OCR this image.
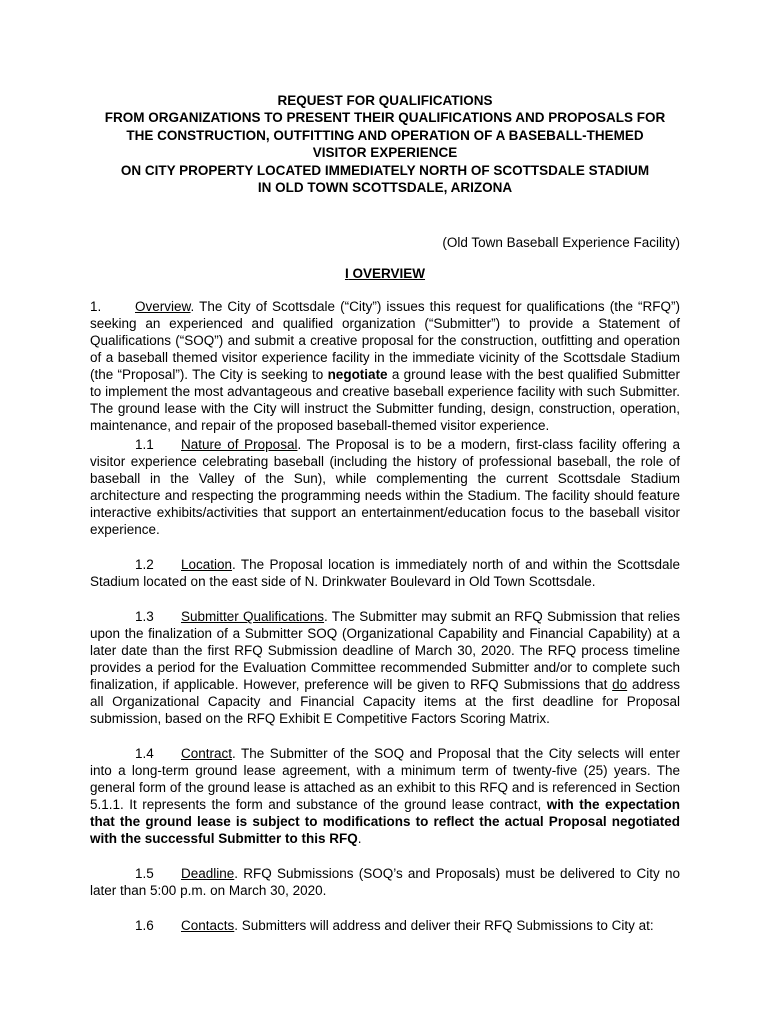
REQUEST FOR QUALIFICATIONS
FROM ORGANIZATIONS TO PRESENT THEIR QUALIFICATIONS AND PROPOSALS FOR
THE CONSTRUCTION, OUTFITTING AND OPERATION OF A BASEBALL-THEMED
VISITOR EXPERIENCE
ON CITY PROPERTY LOCATED IMMEDIATELY NORTH OF SCOTTSDALE STADIUM
IN OLD TOWN SCOTTSDALE, ARIZONA
(Old Town Baseball Experience Facility)
I OVERVIEW

1. Overview. The City of Scottsdale (“City”) issues this request for qualifications (the “RFQ”) seeking an experienced and qualified organization (“Submitter”) to provide a Statement of Qualifications (“SOQ”) and submit a creative proposal for the construction, outfitting and operation of a baseball themed visitor experience facility in the immediate vicinity of the Scottsdale Stadium (the “Proposal”). The City is seeking to negotiate a ground lease with the best qualified Submitter to implement the most advantageous and creative baseball experience facility with such Submitter. The ground lease with the City will instruct the Submitter funding, design, construction, operation, maintenance, and repair of the proposed baseball-themed visitor experience.

1.1 Nature of Proposal. The Proposal is to be a modern, first-class facility offering a visitor experience celebrating baseball (including the history of professional baseball, the role of baseball in the Valley of the Sun), while complementing the current Scottsdale Stadium architecture and respecting the programming needs within the Stadium. The facility should feature interactive exhibits/activities that support an entertainment/education focus to the baseball visitor experience.

1.2 Location. The Proposal location is immediately north of and within the Scottsdale Stadium located on the east side of N. Drinkwater Boulevard in Old Town Scottsdale.

1.3 Submitter Qualifications. The Submitter may submit an RFQ Submission that relies upon the finalization of a Submitter SOQ (Organizational Capability and Financial Capability) at a later date than the first RFQ Submission deadline of March 30, 2020. The RFQ process timeline provides a period for the Evaluation Committee recommended Submitter and/or to complete such finalization, if applicable. However, preference will be given to RFQ Submissions that do address all Organizational Capacity and Financial Capacity items at the first deadline for Proposal submission, based on the RFQ Exhibit E Competitive Factors Scoring Matrix.

1.4 Contract. The Submitter of the SOQ and Proposal that the City selects will enter into a long-term ground lease agreement, with a minimum term of twenty-five (25) years. The general form of the ground lease is attached as an exhibit to this RFQ and is referenced in Section 5.1.1. It represents the form and substance of the ground lease contract, with the expectation that the ground lease is subject to modifications to reflect the actual Proposal negotiated with the successful Submitter to this RFQ.

1.5 Deadline. RFQ Submissions (SOQ’s and Proposals) must be delivered to City no later than 5:00 p.m. on March 30, 2020.

1.6 Contacts. Submitters will address and deliver their RFQ Submissions to City at:
